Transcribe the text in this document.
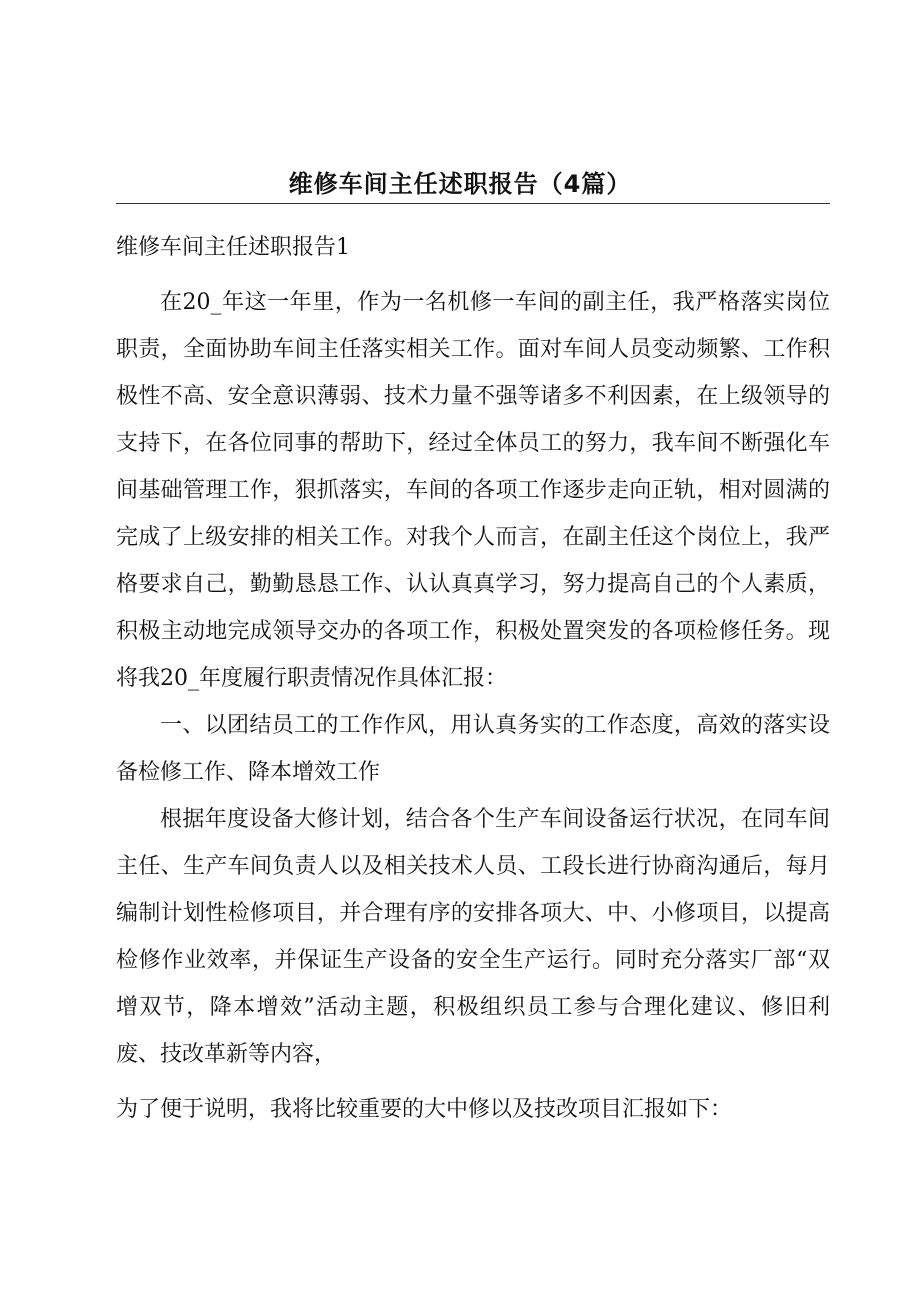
维修车间主任述职报告（4篇）

维修车间主任述职报告1

在20_年这一年里，作为一名机修一车间的副主任，我严格落实岗位职责，全面协助车间主任落实相关工作。面对车间人员变动频繁、工作积极性不高、安全意识薄弱、技术力量不强等诸多不利因素，在上级领导的支持下，在各位同事的帮助下，经过全体员工的努力，我车间不断强化车间基础管理工作，狠抓落实，车间的各项工作逐步走向正轨，相对圆满的完成了上级安排的相关工作。对我个人而言，在副主任这个岗位上，我严格要求自己，勤勤恳恳工作、认认真真学习，努力提高自己的个人素质，积极主动地完成领导交办的各项工作，积极处置突发的各项检修任务。现将我20_年度履行职责情况作具体汇报：

一、以团结员工的工作作风，用认真务实的工作态度，高效的落实设备检修工作、降本增效工作

根据年度设备大修计划，结合各个生产车间设备运行状况，在同车间主任、生产车间负责人以及相关技术人员、工段长进行协商沟通后，每月编制计划性检修项目，并合理有序的安排各项大、中、小修项目，以提高检修作业效率，并保证生产设备的安全生产运行。同时充分落实厂部“双增双节，降本增效”活动主题，积极组织员工参与合理化建议、修旧利废、技改革新等内容，

为了便于说明，我将比较重要的大中修以及技改项目汇报如下：
